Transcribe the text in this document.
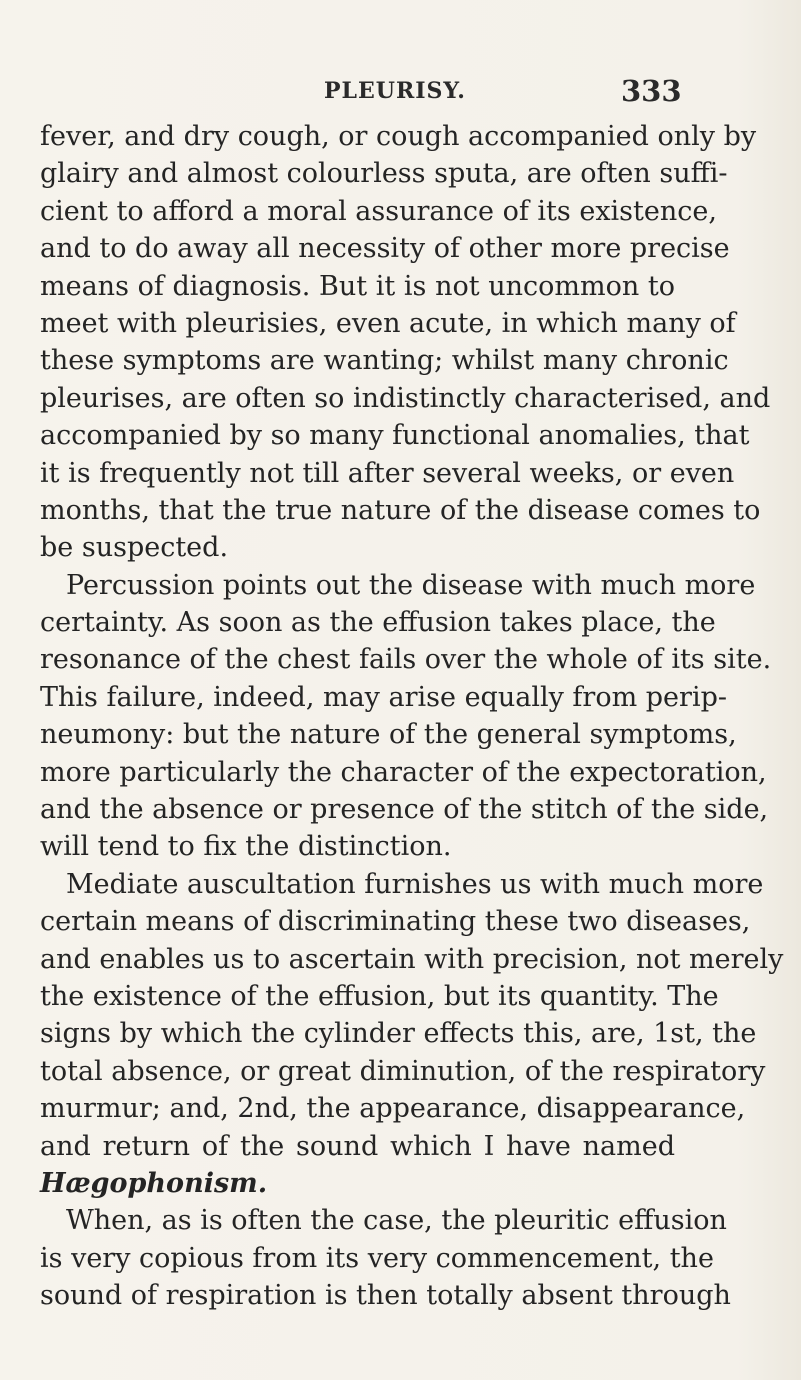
PLEURISY.	333

fever, and dry cough, or cough accompanied only by
glairy and almost colourless sputa, are often suffi-
cient to afford a moral assurance of its existence,
and to do away all necessity of other more precise
means of diagnosis. But it is not uncommon to
meet with pleurisies, even acute, in which many of
these symptoms are wanting; whilst many chronic
pleurises, are often so indistinctly characterised, and
accompanied by so many functional anomalies, that
it is frequently not till after several weeks, or even
months, that the true nature of the disease comes to
be suspected.

Percussion points out the disease with much more
certainty. As soon as the effusion takes place, the
resonance of the chest fails over the whole of its site.
This failure, indeed, may arise equally from perip-
neumony: but the nature of the general symptoms,
more particularly the character of the expectoration,
and the absence or presence of the stitch of the side,
will tend to fix the distinction.

Mediate auscultation furnishes us with much more
certain means of discriminating these two diseases,
and enables us to ascertain with precision, not merely
the existence of the effusion, but its quantity. The
signs by which the cylinder effects this, are, 1st, the
total absence, or great diminution, of the respiratory
murmur; and, 2nd, the appearance, disappearance,
and return of the sound which I have named
Hægophonism.

When, as is often the case, the pleuritic effusion
is very copious from its very commencement, the
sound of respiration is then totally absent through
